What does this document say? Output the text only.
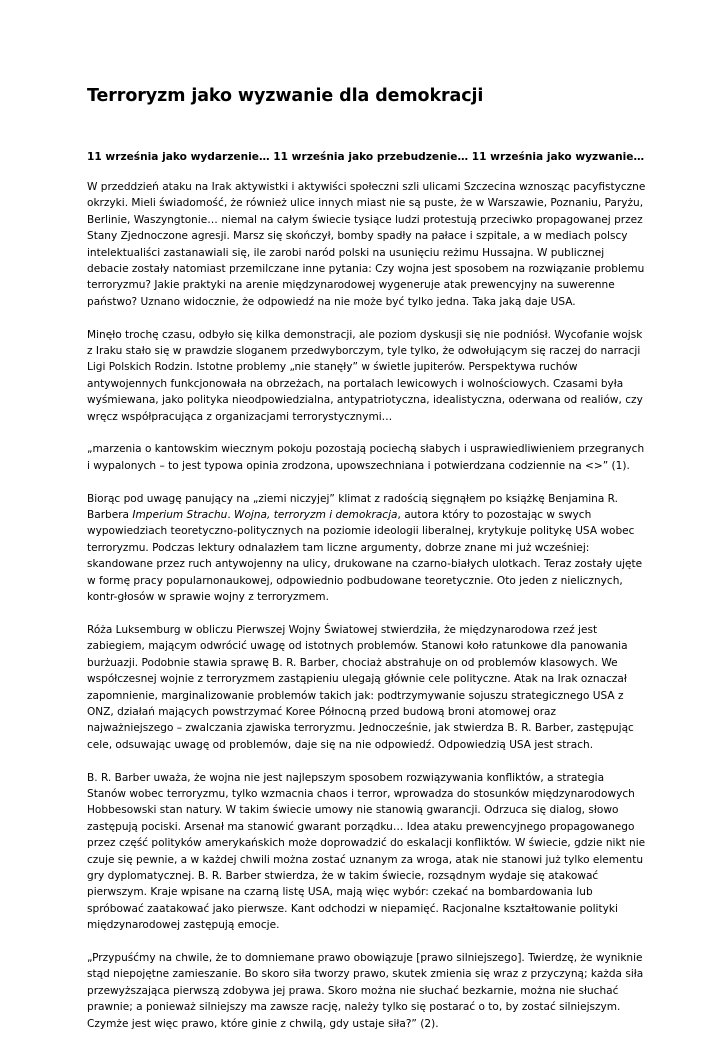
Terroryzm jako wyzwanie dla demokracji

11 września jako wydarzenie… 11 września jako przebudzenie… 11 września jako wyzwanie…

W przeddzień ataku na Irak aktywistki i aktywiści społeczni szli ulicami Szczecina wznosząc pacyfistyczne
okrzyki. Mieli świadomość, że również ulice innych miast nie są puste, że w Warszawie, Poznaniu, Paryżu,
Berlinie, Waszyngtonie… niemal na całym świecie tysiące ludzi protestują przeciwko propagowanej przez
Stany Zjednoczone agresji. Marsz się skończył, bomby spadły na pałace i szpitale, a w mediach polscy
intelektualiści zastanawiali się, ile zarobi naród polski na usunięciu reżimu Hussajna. W publicznej
debacie zostały natomiast przemilczane inne pytania: Czy wojna jest sposobem na rozwiązanie problemu
terroryzmu? Jakie praktyki na arenie międzynarodowej wygeneruje atak prewencyjny na suwerenne
państwo? Uznano widocznie, że odpowiedź na nie może być tylko jedna. Taka jaką daje USA.

Minęło trochę czasu, odbyło się kilka demonstracji, ale poziom dyskusji się nie podniósł. Wycofanie wojsk
z Iraku stało się w prawdzie sloganem przedwyborczym, tyle tylko, że odwołującym się raczej do narracji
Ligi Polskich Rodzin. Istotne problemy „nie stanęły” w świetle jupiterów. Perspektywa ruchów
antywojennych funkcjonowała na obrzeżach, na portalach lewicowych i wolnościowych. Czasami była
wyśmiewana, jako polityka nieodpowiedzialna, antypatriotyczna, idealistyczna, oderwana od realiów, czy
wręcz współpracująca z organizacjami terrorystycznymi…

„marzenia o kantowskim wiecznym pokoju pozostają pociechą słabych i usprawiedliwieniem przegranych
i wypalonych – to jest typowa opinia zrodzona, upowszechniana i potwierdzana codziennie na <>” (1).

Biorąc pod uwagę panujący na „ziemi niczyjej” klimat z radością sięgnąłem po książkę Benjamina R.
Barbera Imperium Strachu. Wojna, terroryzm i demokracja, autora który to pozostając w swych
wypowiedziach teoretyczno-politycznych na poziomie ideologii liberalnej, krytykuje politykę USA wobec
terroryzmu. Podczas lektury odnalazłem tam liczne argumenty, dobrze znane mi już wcześniej:
skandowane przez ruch antywojenny na ulicy, drukowane na czarno-białych ulotkach. Teraz zostały ujęte
w formę pracy popularnonaukowej, odpowiednio podbudowane teoretycznie. Oto jeden z nielicznych,
kontr-głosów w sprawie wojny z terroryzmem.

Róża Luksemburg w obliczu Pierwszej Wojny Światowej stwierdziła, że międzynarodowa rzeź jest
zabiegiem, mającym odwrócić uwagę od istotnych problemów. Stanowi koło ratunkowe dla panowania
burżuazji. Podobnie stawia sprawę B. R. Barber, chociaż abstrahuje on od problemów klasowych. We
współczesnej wojnie z terroryzmem zastąpieniu ulegają głównie cele polityczne. Atak na Irak oznaczał
zapomnienie, marginalizowanie problemów takich jak: podtrzymywanie sojuszu strategicznego USA z
ONZ, działań mających powstrzymać Koree Północną przed budową broni atomowej oraz
najważniejszego – zwalczania zjawiska terroryzmu. Jednocześnie, jak stwierdza B. R. Barber, zastępując
cele, odsuwając uwagę od problemów, daje się na nie odpowiedź. Odpowiedzią USA jest strach.

B. R. Barber uważa, że wojna nie jest najlepszym sposobem rozwiązywania konfliktów, a strategia
Stanów wobec terroryzmu, tylko wzmacnia chaos i terror, wprowadza do stosunków międzynarodowych
Hobbesowski stan natury. W takim świecie umowy nie stanowią gwarancji. Odrzuca się dialog, słowo
zastępują pociski. Arsenał ma stanowić gwarant porządku… Idea ataku prewencyjnego propagowanego
przez część polityków amerykańskich może doprowadzić do eskalacji konfliktów. W świecie, gdzie nikt nie
czuje się pewnie, a w każdej chwili można zostać uznanym za wroga, atak nie stanowi już tylko elementu
gry dyplomatycznej. B. R. Barber stwierdza, że w takim świecie, rozsądnym wydaje się atakować
pierwszym. Kraje wpisane na czarną listę USA, mają więc wybór: czekać na bombardowania lub
spróbować zaatakować jako pierwsze. Kant odchodzi w niepamięć. Racjonalne kształtowanie polityki
międzynarodowej zastępują emocje.

„Przypuśćmy na chwile, że to domniemane prawo obowiązuje [prawo silniejszego]. Twierdzę, że wyniknie
stąd niepojętne zamieszanie. Bo skoro siła tworzy prawo, skutek zmienia się wraz z przyczyną; każda siła
przewyższająca pierwszą zdobywa jej prawa. Skoro można nie słuchać bezkarnie, można nie słuchać
prawnie; a ponieważ silniejszy ma zawsze rację, należy tylko się postarać o to, by zostać silniejszym.
Czymże jest więc prawo, które ginie z chwilą, gdy ustaje siła?” (2).
